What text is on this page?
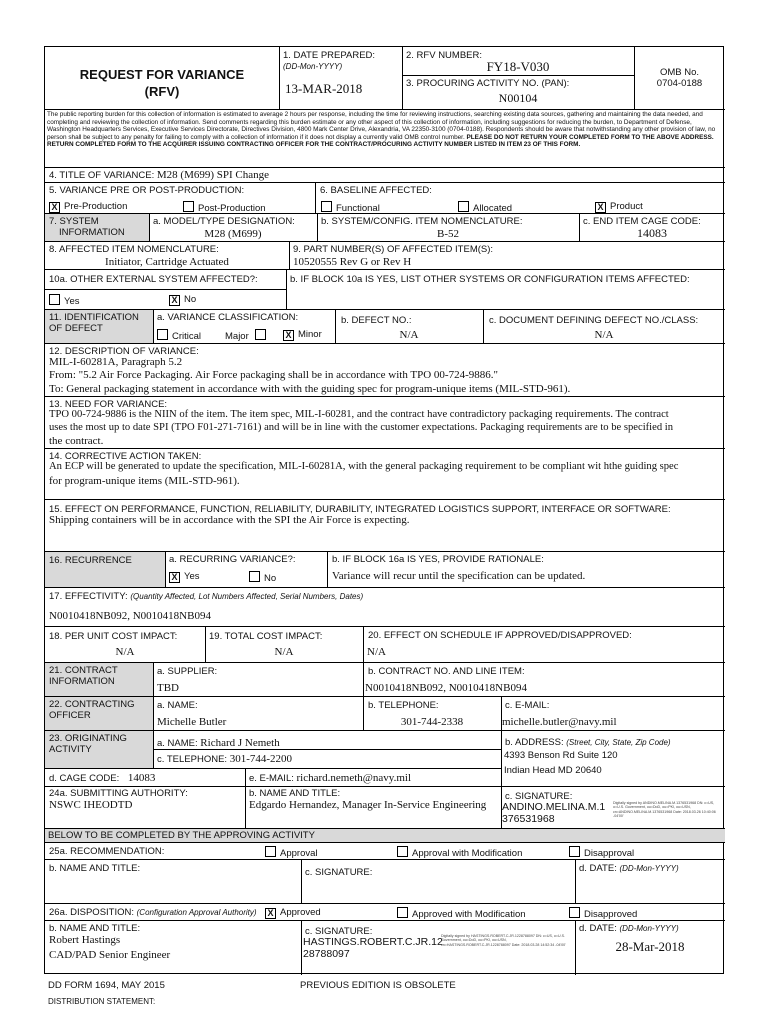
REQUEST FOR VARIANCE
(RFV)
1. DATE PREPARED:
(DD-Mon-YYYY)
13-MAR-2018
2. RFV NUMBER:
FY18-V030
3. PROCURING ACTIVITY NO. (PAN):
N00104
OMB No.
0704-0188
The public reporting burden for this collection of information is estimated to average 2 hours per response, including the time for reviewing instructions, searching existing data sources, gathering and maintaining the data needed, and completing and reviewing the collection of information. Send comments regarding this burden estimate or any other aspect of this collection of information, including suggestions for reducing the burden, to Department of Defense, Washington Headquarters Services, Executive Services Directorate, Directives Division, 4800 Mark Center Drive, Alexandria, VA 22350-3100 (0704-0188). Respondents should be aware that notwithstanding any other provision of law, no person shall be subject to any penalty for failing to comply with a collection of information if it does not display a currently valid OMB control number. PLEASE DO NOT RETURN YOUR COMPLETED FORM TO THE ABOVE ADDRESS. RETURN COMPLETED FORM TO THE ACQUIRER ISSUING CONTRACTING OFFICER FOR THE CONTRACT/PROCURING ACTIVITY NUMBER LISTED IN ITEM 23 OF THIS FORM.
4. TITLE OF VARIANCE: M28 (M699) SPI Change
5. VARIANCE PRE OR POST-PRODUCTION:
X Pre-Production	Post-Production
6. BASELINE AFFECTED:
Functional	Allocated	X Product
7. SYSTEM
INFORMATION
a. MODEL/TYPE DESIGNATION:
M28 (M699)
b. SYSTEM/CONFIG. ITEM NOMENCLATURE:
B-52
c. END ITEM CAGE CODE:
14083
8. AFFECTED ITEM NOMENCLATURE:
Initiator, Cartridge Actuated
9. PART NUMBER(S) OF AFFECTED ITEM(S):
10520555 Rev G or Rev H
10a. OTHER EXTERNAL SYSTEM AFFECTED?:	b. IF BLOCK 10a IS YES, LIST OTHER SYSTEMS OR CONFIGURATION ITEMS AFFECTED:
Yes	X No
11. IDENTIFICATION
OF DEFECT
a. VARIANCE CLASSIFICATION:
Critical	Major	X Minor
b. DEFECT NO.:
N/A
c. DOCUMENT DEFINING DEFECT NO./CLASS:
N/A
12. DESCRIPTION OF VARIANCE:
MIL-I-60281A, Paragraph 5.2
From: "5.2 Air Force Packaging. Air Force packaging shall be in accordance with TPO 00-724-9886."
To: General packaging statement in accordance with with the guiding spec for program-unique items (MIL-STD-961).
13. NEED FOR VARIANCE:
TPO 00-724-9886 is the NIIN of the item. The item spec, MIL-I-60281, and the contract have contradictory packaging requirements. The contract
uses the most up to date SPI (TPO F01-271-7161) and will be in line with the customer expectations. Packaging requirements are to be specified in
the contract.
14. CORRECTIVE ACTION TAKEN:
An ECP will be generated to update the specification, MIL-I-60281A, with the general packaging requirement to be compliant wit hthe guiding spec
for program-unique items (MIL-STD-961).
15. EFFECT ON PERFORMANCE, FUNCTION, RELIABILITY, DURABILITY, INTEGRATED LOGISTICS SUPPORT, INTERFACE OR SOFTWARE:
Shipping containers will be in accordance with the SPI the Air Force is expecting.
16. RECURRENCE	a. RECURRING VARIANCE?:
X Yes	No
b. IF BLOCK 16a IS YES, PROVIDE RATIONALE:
Variance will recur until the specification can be updated.
17. EFFECTIVITY: (Quantity Affected, Lot Numbers Affected, Serial Numbers, Dates)
N0010418NB092, N0010418NB094
18. PER UNIT COST IMPACT:
N/A
19. TOTAL COST IMPACT:
N/A
20. EFFECT ON SCHEDULE IF APPROVED/DISAPPROVED:
N/A
21. CONTRACT
INFORMATION
a. SUPPLIER:
TBD
b. CONTRACT NO. AND LINE ITEM:
N0010418NB092, N0010418NB094
22. CONTRACTING
OFFICER
a. NAME:
Michelle Butler
b. TELEPHONE:
301-744-2338
c. E-MAIL:
michelle.butler@navy.mil
23. ORIGINATING
ACTIVITY
a. NAME: Richard J Nemeth
c. TELEPHONE: 301-744-2200
d. CAGE CODE: 14083	e. E-MAIL: richard.nemeth@navy.mil
b. ADDRESS: (Street, City, State, Zip Code)
4393 Benson Rd Suite 120
Indian Head MD 20640
24a. SUBMITTING AUTHORITY:
NSWC IHEODTD
b. NAME AND TITLE:
Edgardo Hernandez, Manager In-Service Engineering
c. SIGNATURE:
ANDINO.MELINA.M.1
376531968
Digitally signed by ANDINO.MELINA.M.1376531968 DN: c=US, o=U.S. Government, ou=DoD, ou=PKI, ou=USN, cn=ANDINO.MELINA.M.1376531968 Date: 2018.03.26 10:40:06 -04'00'
BELOW TO BE COMPLETED BY THE APPROVING ACTIVITY
25a. RECOMMENDATION:	Approval	Approval with Modification	Disapproval
b. NAME AND TITLE:	c. SIGNATURE:	d. DATE: (DD-Mon-YYYY)
26a. DISPOSITION: (Configuration Approval Authority) X Approved	Approved with Modification	Disapproved
b. NAME AND TITLE:
Robert Hastings
CAD/PAD Senior Engineer
c. SIGNATURE:
HASTINGS.ROBERT.C.JR.12
28788097
Digitally signed by HASTINGS.ROBERT.C.JR.1228788097 DN: c=US, o=U.S. Government, ou=DoD, ou=PKI, ou=USN, cn=HASTINGS.ROBERT.C.JR.1228788097 Date: 2018.03.28 14:52:34 -04'00'
d. DATE: (DD-Mon-YYYY)
28-Mar-2018
DD FORM 1694, MAY 2015	PREVIOUS EDITION IS OBSOLETE
DISTRIBUTION STATEMENT:
